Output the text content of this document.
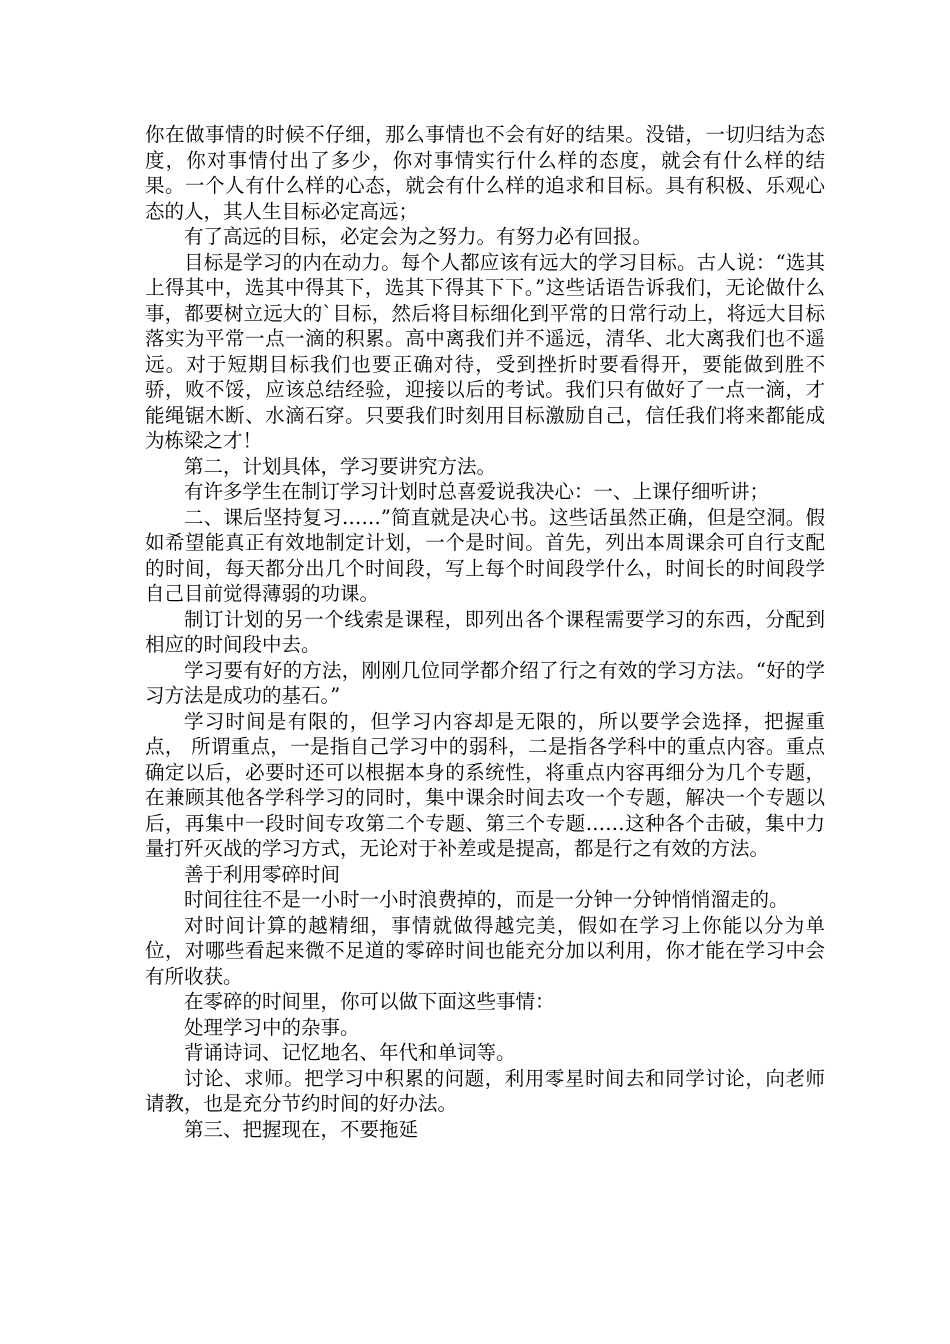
你在做事情的时候不仔细，那么事情也不会有好的结果。没错，一切归结为态度，你对事情付出了多少，你对事情实行什么样的态度，就会有什么样的结果。一个人有什么样的心态，就会有什么样的追求和目标。具有积极、乐观心态的人，其人生目标必定高远；

有了高远的目标，必定会为之努力。有努力必有回报。

目标是学习的内在动力。每个人都应该有远大的学习目标。古人说：“选其上得其中，选其中得其下，选其下得其下下。”这些话语告诉我们，无论做什么事，都要树立远大的`目标，然后将目标细化到平常的日常行动上，将远大目标落实为平常一点一滴的积累。高中离我们并不遥远，清华、北大离我们也不遥远。对于短期目标我们也要正确对待，受到挫折时要看得开，要能做到胜不骄，败不馁，应该总结经验，迎接以后的考试。我们只有做好了一点一滴，才能绳锯木断、水滴石穿。只要我们时刻用目标激励自己，信任我们将来都能成为栋梁之才！

第二，计划具体，学习要讲究方法。

有许多学生在制订学习计划时总喜爱说我决心：一、上课仔细听讲；

二、课后坚持复习……”简直就是决心书。这些话虽然正确，但是空洞。假如希望能真正有效地制定计划，一个是时间。首先，列出本周课余可自行支配的时间，每天都分出几个时间段，写上每个时间段学什么，时间长的时间段学自己目前觉得薄弱的功课。

制订计划的另一个线索是课程，即列出各个课程需要学习的东西，分配到相应的时间段中去。

学习要有好的方法，刚刚几位同学都介绍了行之有效的学习方法。“好的学习方法是成功的基石。”

学习时间是有限的，但学习内容却是无限的，所以要学会选择，把握重点， 所谓重点，一是指自己学习中的弱科，二是指各学科中的重点内容。重点确定以后，必要时还可以根据本身的系统性，将重点内容再细分为几个专题，在兼顾其他各学科学习的同时，集中课余时间去攻一个专题，解决一个专题以后，再集中一段时间专攻第二个专题、第三个专题……这种各个击破，集中力量打歼灭战的学习方式，无论对于补差或是提高，都是行之有效的方法。

善于利用零碎时间

时间往往不是一小时一小时浪费掉的，而是一分钟一分钟悄悄溜走的。

对时间计算的越精细，事情就做得越完美，假如在学习上你能以分为单位，对哪些看起来微不足道的零碎时间也能充分加以利用，你才能在学习中会有所收获。

在零碎的时间里，你可以做下面这些事情：

处理学习中的杂事。

背诵诗词、记忆地名、年代和单词等。

讨论、求师。把学习中积累的问题，利用零星时间去和同学讨论，向老师请教，也是充分节约时间的好办法。

第三、把握现在，不要拖延
